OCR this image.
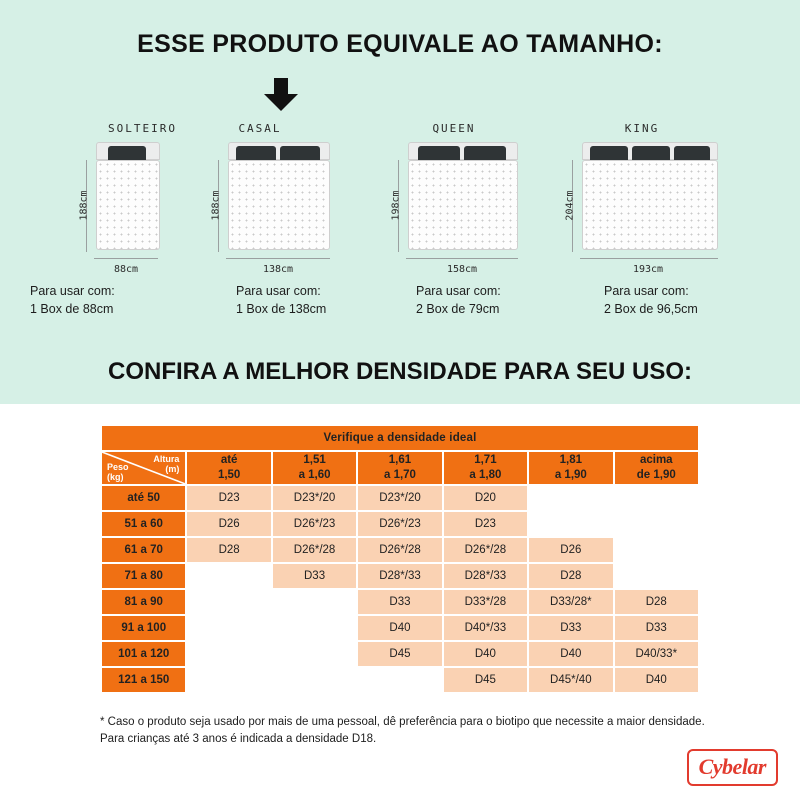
ESSE PRODUTO EQUIVALE AO TAMANHO:
SOLTEIRO
188cm
88cm
Para usar com:
1 Box de 88cm
CASAL
188cm
138cm
Para usar com:
1 Box de 138cm
QUEEN
198cm
158cm
Para usar com:
2 Box de 79cm
KING
204cm
193cm
Para usar com:
2 Box de 96,5cm
CONFIRA A MELHOR DENSIDADE PARA SEU USO:
Verifique a densidade ideal						

Altura
(m)
Peso
(kg)
	até
1,50	1,51
a 1,60	1,61
a 1,70	1,71
a 1,80	1,81
a 1,90	acima
de 1,90
até 50	D23	D23*/20	D23*/20	D20		
51 a 60	D26	D26*/23	D26*/23	D23		
61 a 70	D28	D26*/28	D26*/28	D26*/28	D26	
71 a 80		D33	D28*/33	D28*/33	D28	
81 a 90			D33	D33*/28	D33/28*	D28
91 a 100			D40	D40*/33	D33	D33
101 a 120			D45	D40	D40	D40/33*
121 a 150				D45	D45*/40	D40
* Caso o produto seja usado por mais de uma pessoal, dê preferência para o biotipo que necessite a maior densidade.
Para crianças até 3 anos é indicada a densidade D18.
Cybelar
